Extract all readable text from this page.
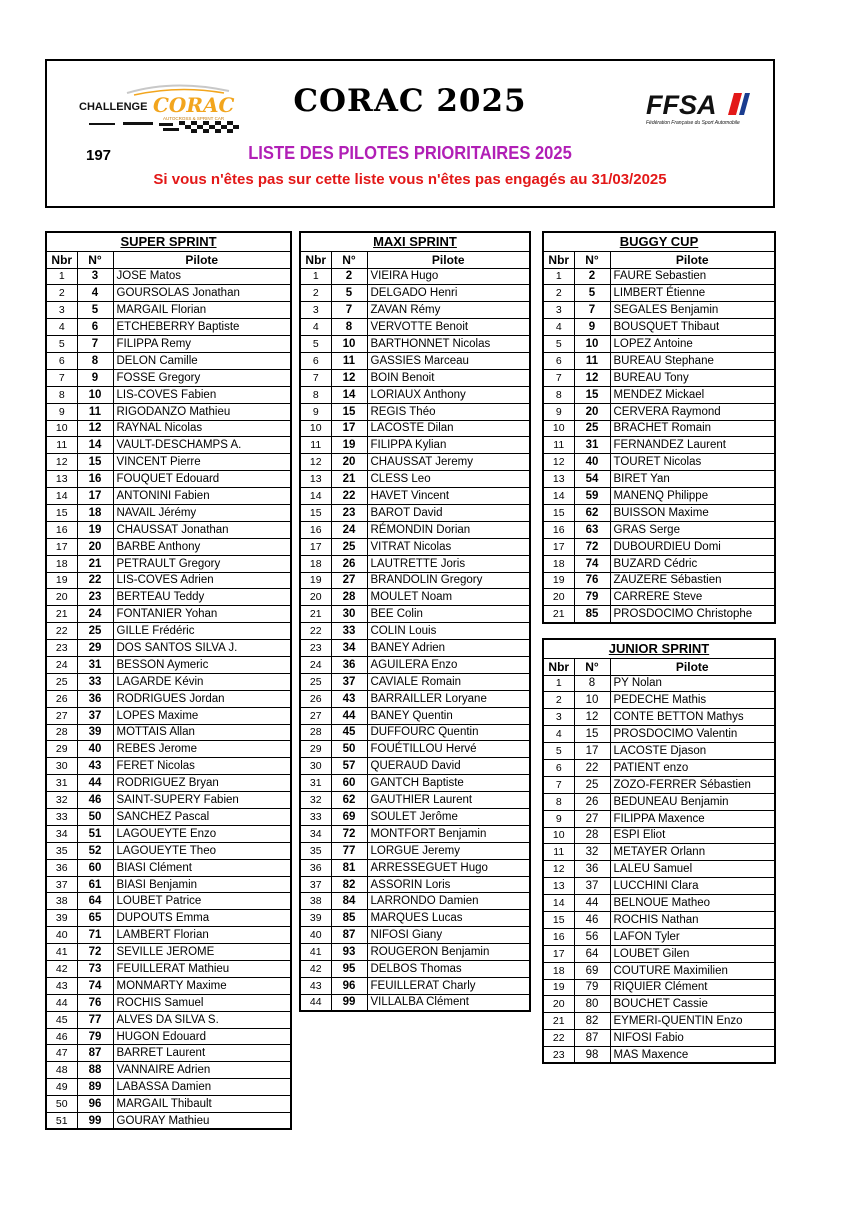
CHALLENGE CORAC
AUTOCROSS & SPRINT CAR	CORAC 2025	FFSA
Fédération Française du Sport Automobile
197	LISTE DES PILOTES PRIORITAIRES 2025
Si vous n'êtes pas sur cette liste vous n'êtes pas engagés au 31/03/2025
SUPER SPRINT		
Nbr	N°	Pilote
1	3	JOSE Matos
2	4	GOURSOLAS Jonathan
3	5	MARGAIL Florian
4	6	ETCHEBERRY Baptiste
5	7	FILIPPA Remy
6	8	DELON Camille
7	9	FOSSE Gregory
8	10	LIS-COVES Fabien
9	11	RIGODANZO Mathieu
10	12	RAYNAL Nicolas
11	14	VAULT-DESCHAMPS A.
12	15	VINCENT Pierre
13	16	FOUQUET Edouard
14	17	ANTONINI Fabien
15	18	NAVAIL Jérémy
16	19	CHAUSSAT Jonathan
17	20	BARBE Anthony
18	21	PETRAULT Gregory
19	22	LIS-COVES Adrien
20	23	BERTEAU Teddy
21	24	FONTANIER Yohan
22	25	GILLE Frédéric
23	29	DOS SANTOS SILVA J.
24	31	BESSON Aymeric
25	33	LAGARDE Kévin
26	36	RODRIGUES Jordan
27	37	LOPES Maxime
28	39	MOTTAIS Allan
29	40	REBES Jerome
30	43	FERET Nicolas
31	44	RODRIGUEZ Bryan
32	46	SAINT-SUPERY Fabien
33	50	SANCHEZ Pascal
34	51	LAGOUEYTE Enzo
35	52	LAGOUEYTE Theo
36	60	BIASI Clément
37	61	BIASI Benjamin
38	64	LOUBET Patrice
39	65	DUPOUTS Emma
40	71	LAMBERT Florian
41	72	SEVILLE JEROME
42	73	FEUILLERAT Mathieu
43	74	MONMARTY Maxime
44	76	ROCHIS Samuel
45	77	ALVES DA SILVA S.
46	79	HUGON Edouard
47	87	BARRET Laurent
48	88	VANNAIRE Adrien
49	89	LABASSA Damien
50	96	MARGAIL Thibault
51	99	GOURAY Mathieu
MAXI SPRINT		
Nbr	N°	Pilote
1	2	VIEIRA Hugo
2	5	DELGADO Henri
3	7	ZAVAN Rémy
4	8	VERVOTTE Benoit
5	10	BARTHONNET Nicolas
6	11	GASSIES Marceau
7	12	BOIN Benoit
8	14	LORIAUX Anthony
9	15	REGIS Théo
10	17	LACOSTE Dilan
11	19	FILIPPA Kylian
12	20	CHAUSSAT Jeremy
13	21	CLESS Leo
14	22	HAVET Vincent
15	23	BAROT David
16	24	RÉMONDIN Dorian
17	25	VITRAT Nicolas
18	26	LAUTRETTE Joris
19	27	BRANDOLIN Gregory
20	28	MOULET Noam
21	30	BEE Colin
22	33	COLIN Louis
23	34	BANEY Adrien
24	36	AGUILERA Enzo
25	37	CAVIALE Romain
26	43	BARRAILLER Loryane
27	44	BANEY Quentin
28	45	DUFFOURC Quentin
29	50	FOUÉTILLOU Hervé
30	57	QUERAUD David
31	60	GANTCH Baptiste
32	62	GAUTHIER Laurent
33	69	SOULET Jerôme
34	72	MONTFORT Benjamin
35	77	LORGUE Jeremy
36	81	ARRESSEGUET Hugo
37	82	ASSORIN Loris
38	84	LARRONDO Damien
39	85	MARQUES Lucas
40	87	NIFOSI Giany
41	93	ROUGERON Benjamin
42	95	DELBOS Thomas
43	96	FEUILLERAT Charly
44	99	VILLALBA Clément
BUGGY CUP		
Nbr	N°	Pilote
1	2	FAURE Sebastien
2	5	LIMBERT Étienne
3	7	SEGALES Benjamin
4	9	BOUSQUET Thibaut
5	10	LOPEZ Antoine
6	11	BUREAU Stephane
7	12	BUREAU Tony
8	15	MENDEZ Mickael
9	20	CERVERA Raymond
10	25	BRACHET Romain
11	31	FERNANDEZ Laurent
12	40	TOURET Nicolas
13	54	BIRET Yan
14	59	MANENQ Philippe
15	62	BUISSON Maxime
16	63	GRAS Serge
17	72	DUBOURDIEU Domi
18	74	BUZARD Cédric
19	76	ZAUZERE Sébastien
20	79	CARRERE Steve
21	85	PROSDOCIMO Christophe
JUNIOR SPRINT		
Nbr	N°	Pilote
1	8	PY Nolan
2	10	PEDECHE Mathis
3	12	CONTE BETTON Mathys
4	15	PROSDOCIMO Valentin
5	17	LACOSTE Djason
6	22	PATIENT enzo
7	25	ZOZO-FERRER Sébastien
8	26	BEDUNEAU Benjamin
9	27	FILIPPA Maxence
10	28	ESPI Eliot
11	32	METAYER Orlann
12	36	LALEU Samuel
13	37	LUCCHINI Clara
14	44	BELNOUE Matheo
15	46	ROCHIS Nathan
16	56	LAFON Tyler
17	64	LOUBET Gilen
18	69	COUTURE Maximilien
19	79	RIQUIER Clément
20	80	BOUCHET Cassie
21	82	EYMERI-QUENTIN Enzo
22	87	NIFOSI Fabio
23	98	MAS Maxence
